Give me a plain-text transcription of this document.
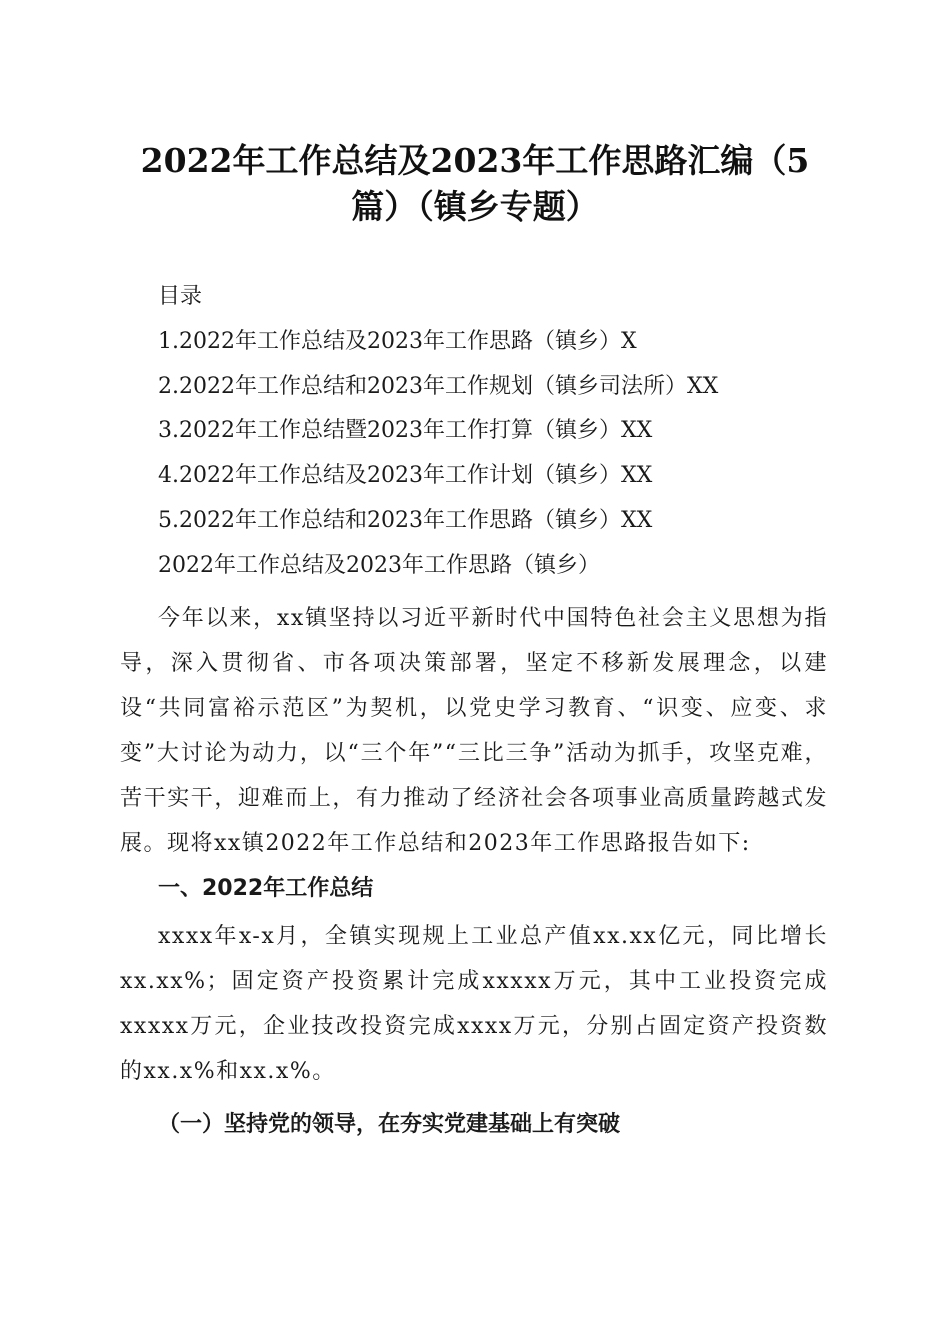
2022年工作总结及2023年工作思路汇编（5
篇）（镇乡专题）
目录
1.2022年工作总结及2023年工作思路（镇乡）X
2.2022年工作总结和2023年工作规划（镇乡司法所）XX
3.2022年工作总结暨2023年工作打算（镇乡）XX
4.2022年工作总结及2023年工作计划（镇乡）XX
5.2022年工作总结和2023年工作思路（镇乡）XX
2022年工作总结及2023年工作思路（镇乡）

今年以来，xx镇坚持以习近平新时代中国特色社会主义思想为指导，深入贯彻省、市各项决策部署，坚定不移新发展理念，以建设“共同富裕示范区”为契机，以党史学习教育、“识变、应变、求变”大讨论为动力，以“三个年”“三比三争”活动为抓手，攻坚克难，苦干实干，迎难而上，有力推动了经济社会各项事业高质量跨越式发展。现将xx镇2022年工作总结和2023年工作思路报告如下:

一、2022年工作总结

xxxx年x-x月，全镇实现规上工业总产值xx.xx亿元，同比增长xx.xx%；固定资产投资累计完成xxxxx万元，其中工业投资完成xxxxx万元，企业技改投资完成xxxx万元，分别占固定资产投资数的xx.x%和xx.x%。

（一）坚持党的领导，在夯实党建基础上有突破
